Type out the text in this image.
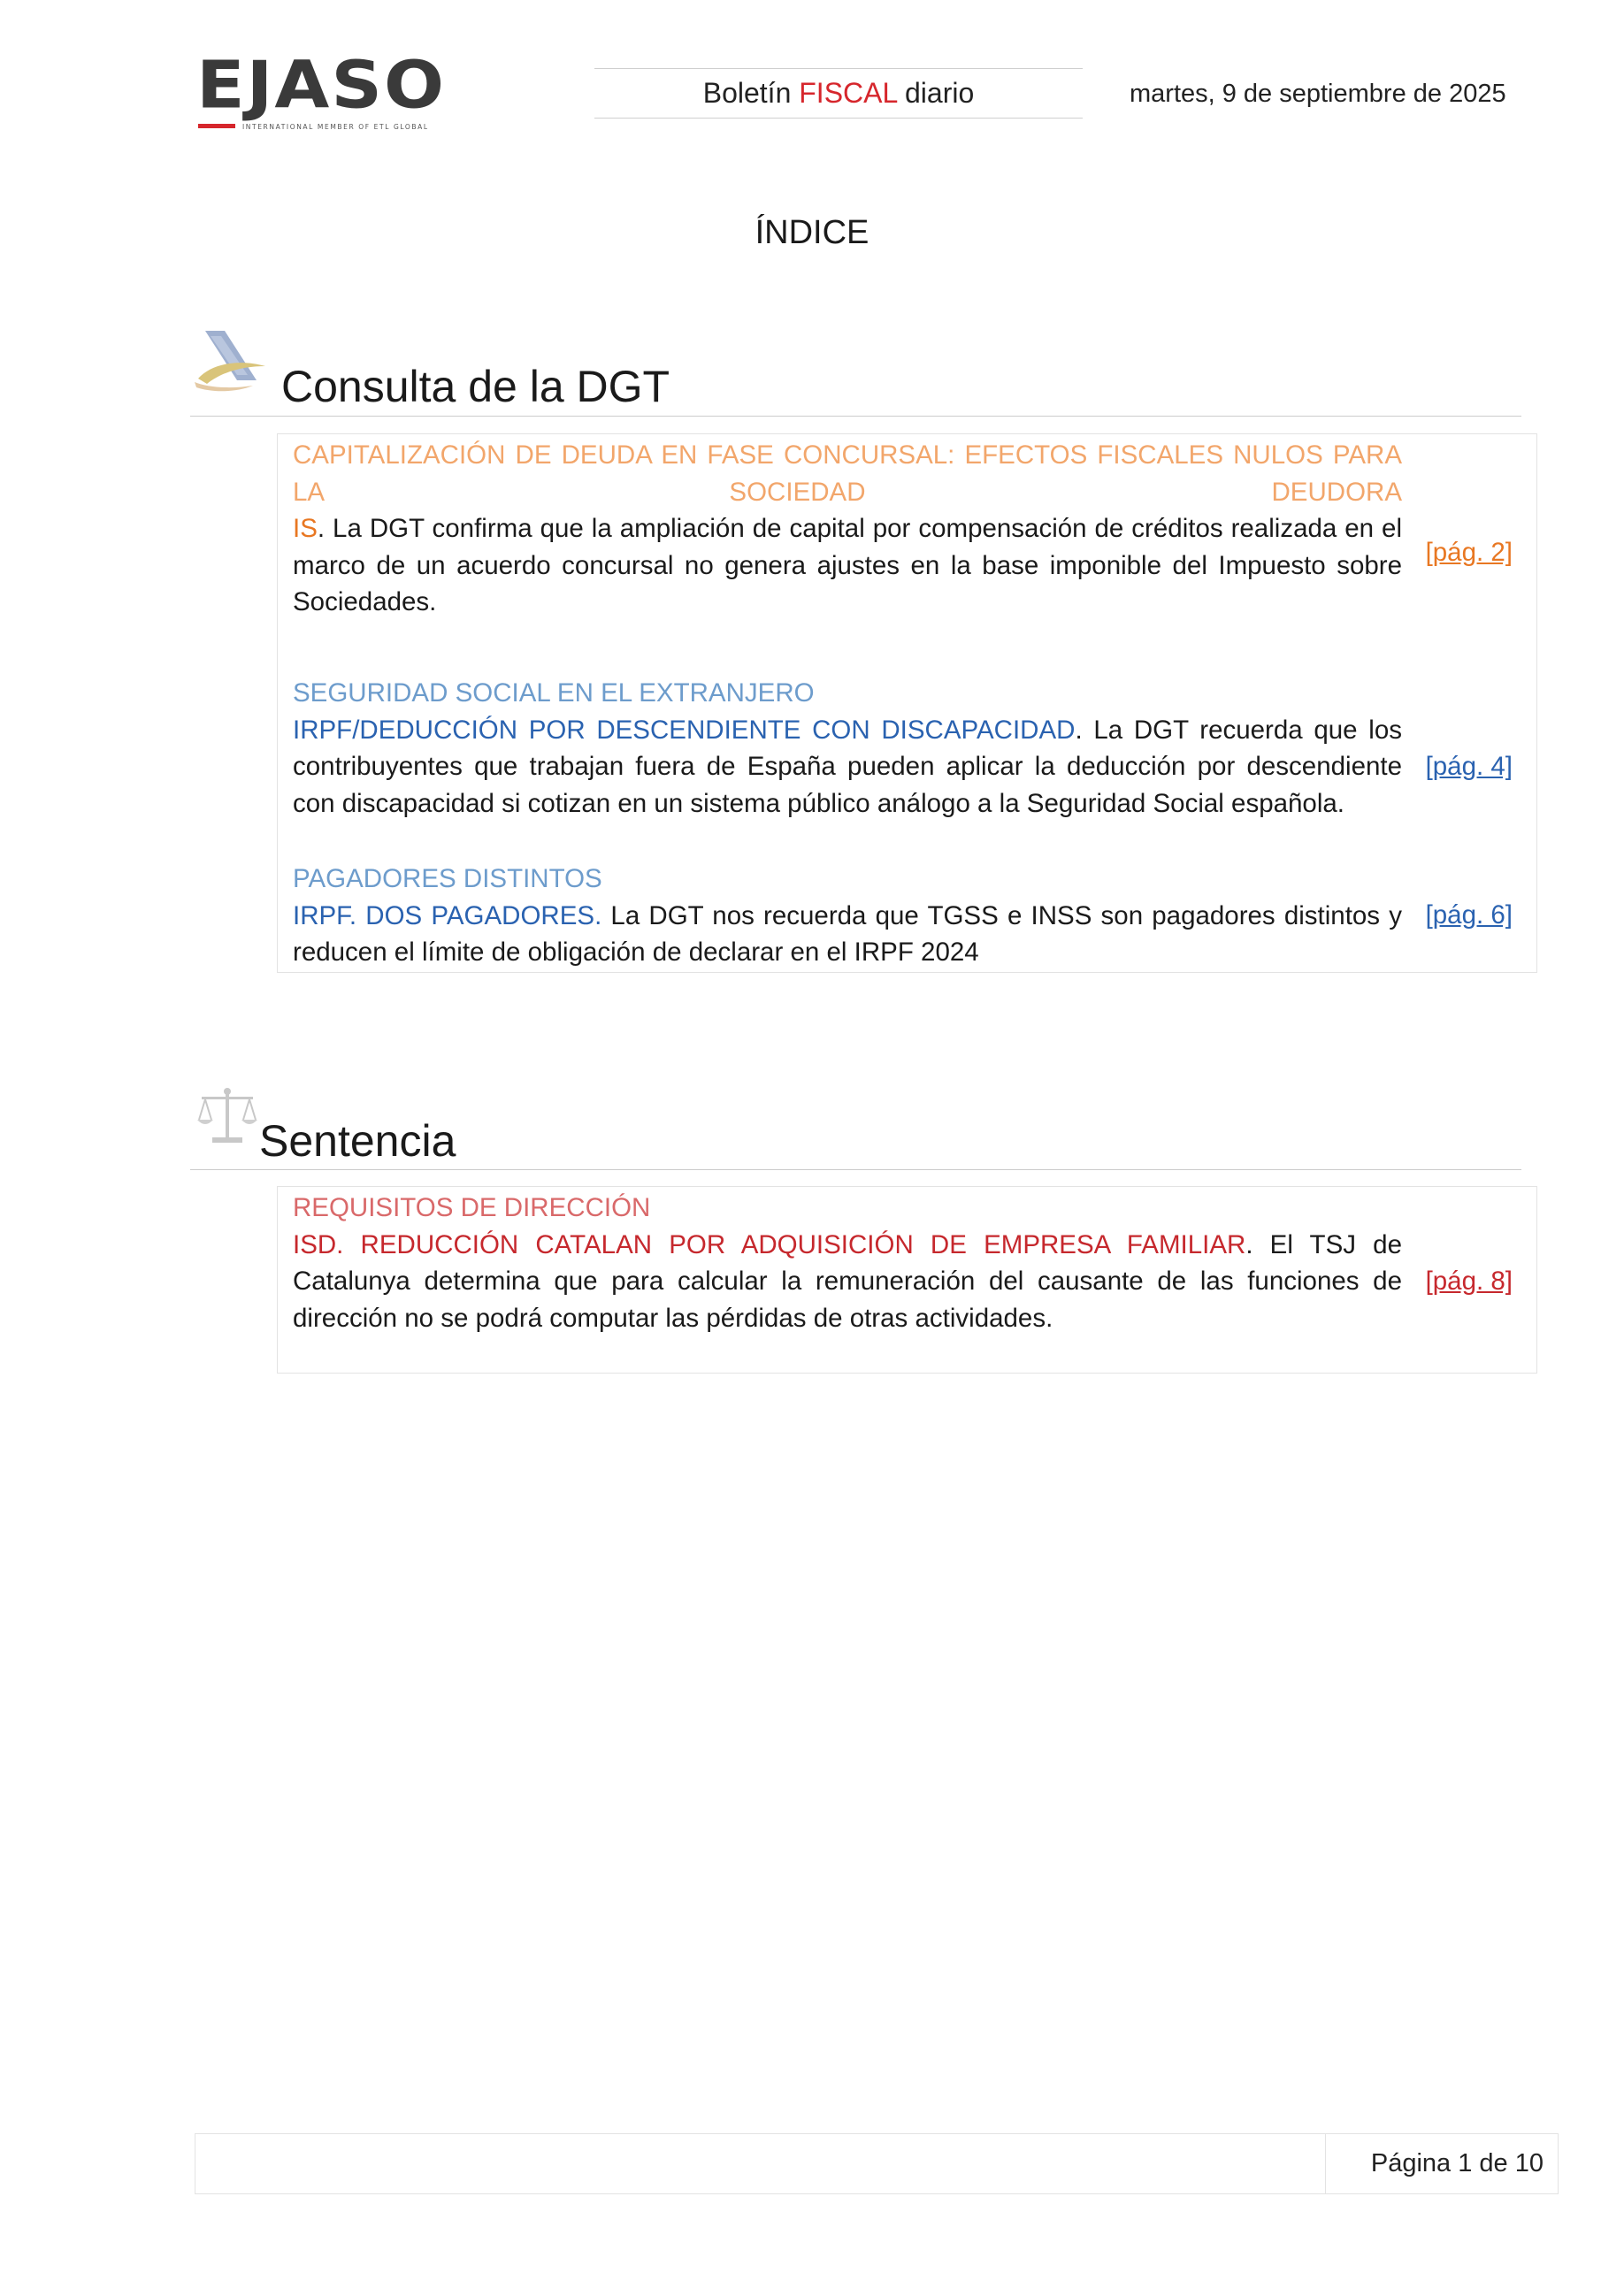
EJASO
INTERNATIONAL MEMBER OF ETL GLOBAL
Boletín FISCAL diario	martes, 9 de septiembre de 2025
ÍNDICE
Consulta de la DGT
CAPITALIZACIÓN DE DEUDA EN FASE CONCURSAL: EFECTOS FISCALES NULOS PARA LA SOCIEDAD DEUDORA

IS. La DGT confirma que la ampliación de capital por compensación de créditos realizada en el marco de un acuerdo concursal no genera ajustes en la base imponible del Impuesto sobre Sociedades.

[pág. 2]
SEGURIDAD SOCIAL EN EL EXTRANJERO

IRPF/DEDUCCIÓN POR DESCENDIENTE CON DISCAPACIDAD. La DGT recuerda que los contribuyentes que trabajan fuera de España pueden aplicar la deducción por descendiente con discapacidad si cotizan en un sistema público análogo a la Seguridad Social española.

[pág. 4]
PAGADORES DISTINTOS

IRPF. DOS PAGADORES. La DGT nos recuerda que TGSS e INSS son pagadores distintos y reducen el límite de obligación de declarar en el IRPF 2024

[pág. 6]
Sentencia
REQUISITOS DE DIRECCIÓN

ISD. REDUCCIÓN CATALAN POR ADQUISICIÓN DE EMPRESA FAMILIAR. El TSJ de Catalunya determina que para calcular la remuneración del causante de las funciones de dirección no se podrá computar las pérdidas de otras actividades.

[pág. 8]
Página 1 de 10
